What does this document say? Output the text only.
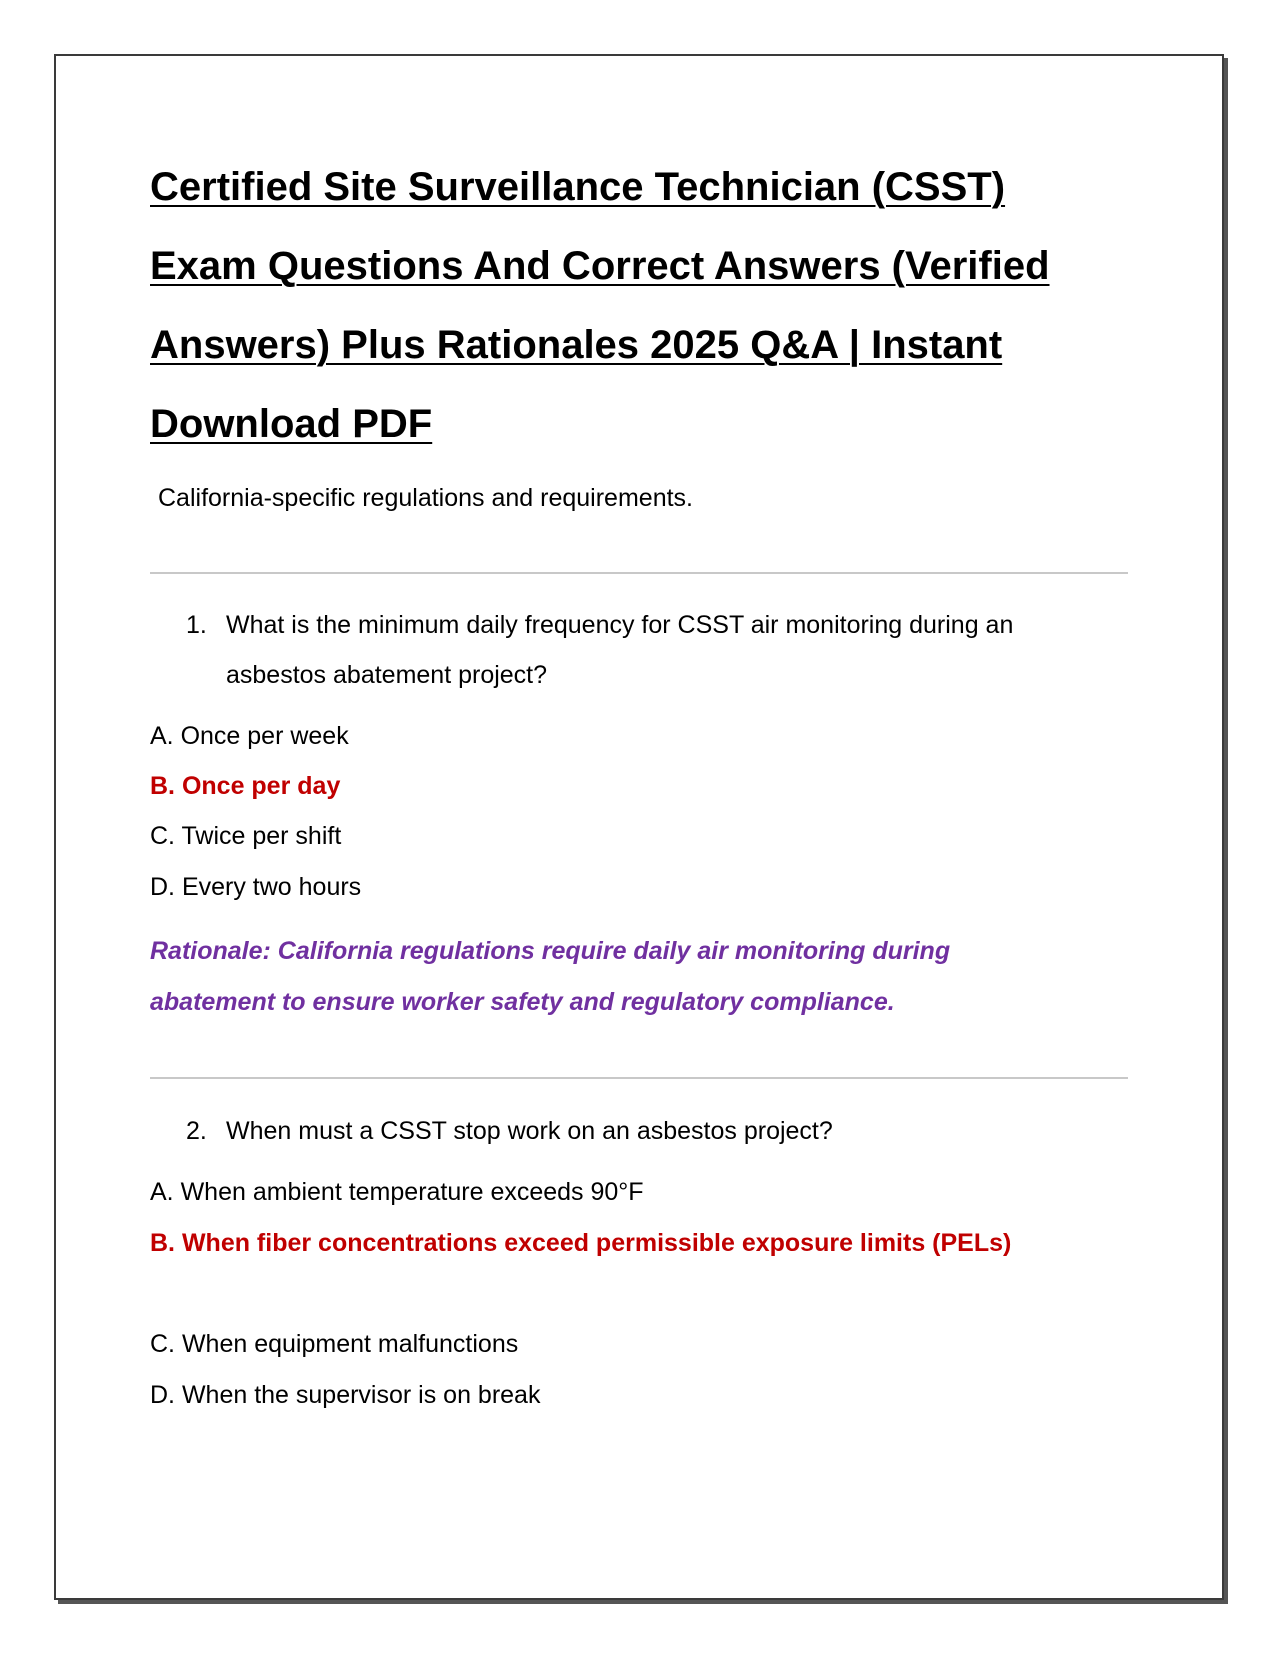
Certified Site Surveillance Technician (CSST) Exam Questions And Correct Answers (Verified Answers) Plus Rationales 2025 Q&A | Instant Download PDF
California-specific regulations and requirements.
1. What is the minimum daily frequency for CSST air monitoring during an asbestos abatement project?
A. Once per week
B. Once per day
C. Twice per shift
D. Every two hours
Rationale: California regulations require daily air monitoring during abatement to ensure worker safety and regulatory compliance.
2. When must a CSST stop work on an asbestos project?
A. When ambient temperature exceeds 90°F
B. When fiber concentrations exceed permissible exposure limits (PELs)
C. When equipment malfunctions
D. When the supervisor is on break
